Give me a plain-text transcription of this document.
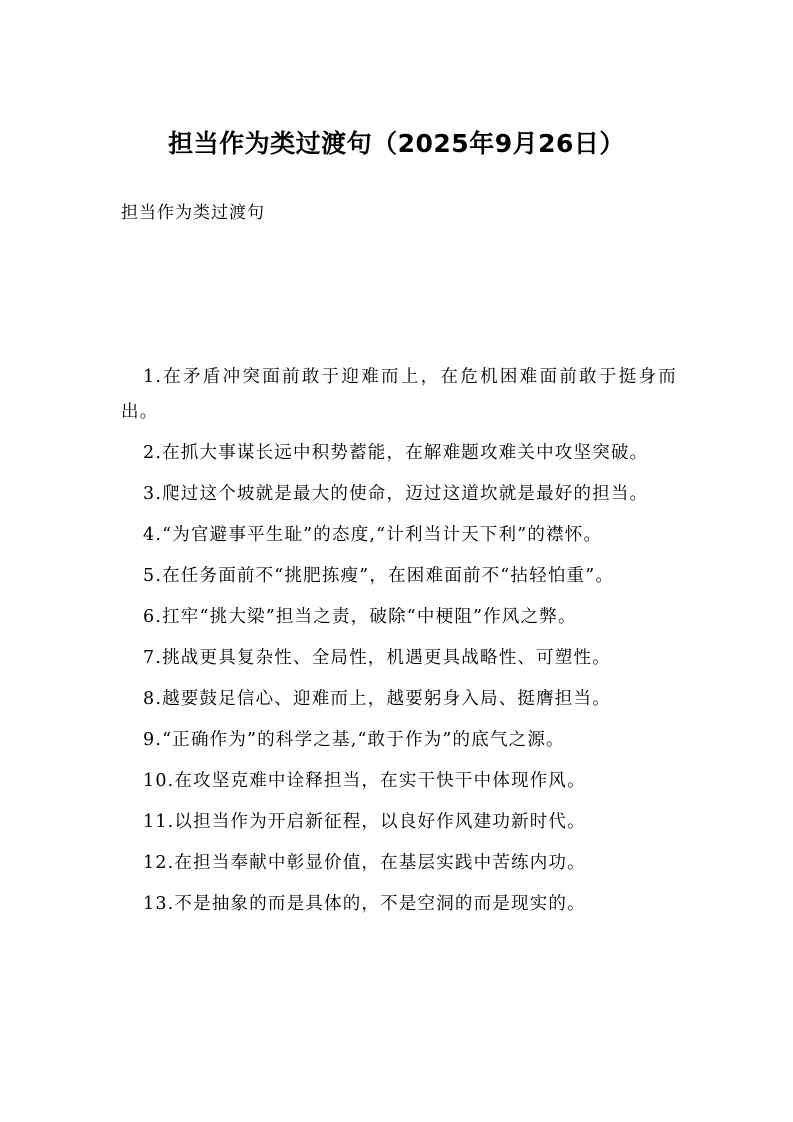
担当作为类过渡句（2025年9月26日）
担当作为类过渡句

1.在矛盾冲突面前敢于迎难而上，在危机困难面前敢于挺身而出。

2.在抓大事谋长远中积势蓄能，在解难题攻难关中攻坚突破。

3.爬过这个坡就是最大的使命，迈过这道坎就是最好的担当。

4.“为官避事平生耻”的态度,“计利当计天下利”的襟怀。

5.在任务面前不“挑肥拣瘦”，在困难面前不“拈轻怕重”。

6.扛牢“挑大梁”担当之责，破除“中梗阻”作风之弊。

7.挑战更具复杂性、全局性，机遇更具战略性、可塑性。

8.越要鼓足信心、迎难而上，越要躬身入局、挺膺担当。

9.“正确作为”的科学之基,“敢于作为”的底气之源。

10.在攻坚克难中诠释担当，在实干快干中体现作风。

11.以担当作为开启新征程，以良好作风建功新时代。

12.在担当奉献中彰显价值，在基层实践中苦练内功。

13.不是抽象的而是具体的，不是空洞的而是现实的。
